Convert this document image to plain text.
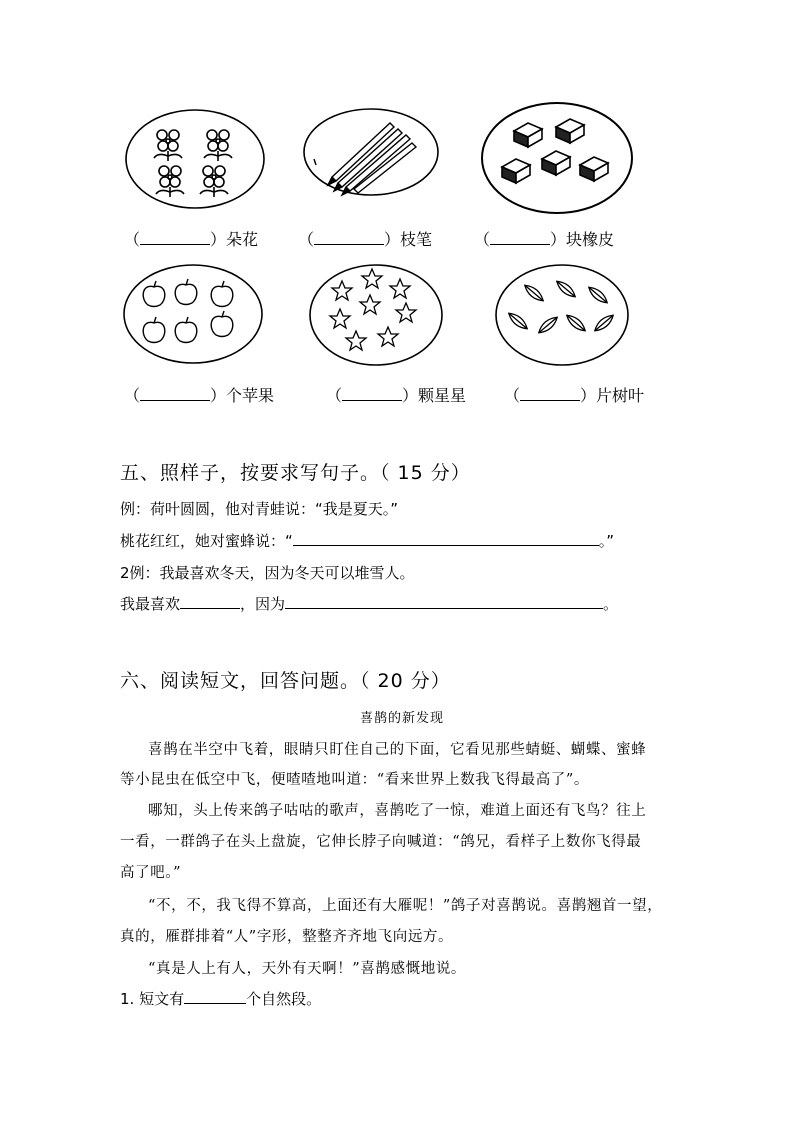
（	）朵花 （	）枝笔	（	）块橡皮
（	）个苹果	（	）颗星星 （	）片树叶
五、照样子，按要求写句子。（ 15 分）
例：荷叶圆圆，他对青蛙说：“我是夏天。”
桃花红红，她对蜜蜂说：“	。”
2例：我最喜欢冬天，因为冬天可以堆雪人。
我最喜欢	，因为	。
六、阅读短文，回答问题。（ 20 分）
喜鹊的新发现
喜鹊在半空中飞着，眼睛只盯住自己的下面，它看见那些蜻蜓、蝴蝶、蜜蜂
等小昆虫在低空中飞，便喳喳地叫道：“看来世界上数我飞得最高了”。
哪知，头上传来鸽子咕咕的歌声，喜鹊吃了一惊，难道上面还有飞鸟？往上
一看，一群鸽子在头上盘旋，它伸长脖子向喊道：“鸽兄，看样子上数你飞得最
高了吧。”
“不，不，我飞得不算高，上面还有大雁呢！”鸽子对喜鹊说。喜鹊翘首一望，
真的，雁群排着“人”字形，整整齐齐地飞向远方。
“真是人上有人，天外有天啊！”喜鹊感慨地说。
1. 短文有	个自然段。
